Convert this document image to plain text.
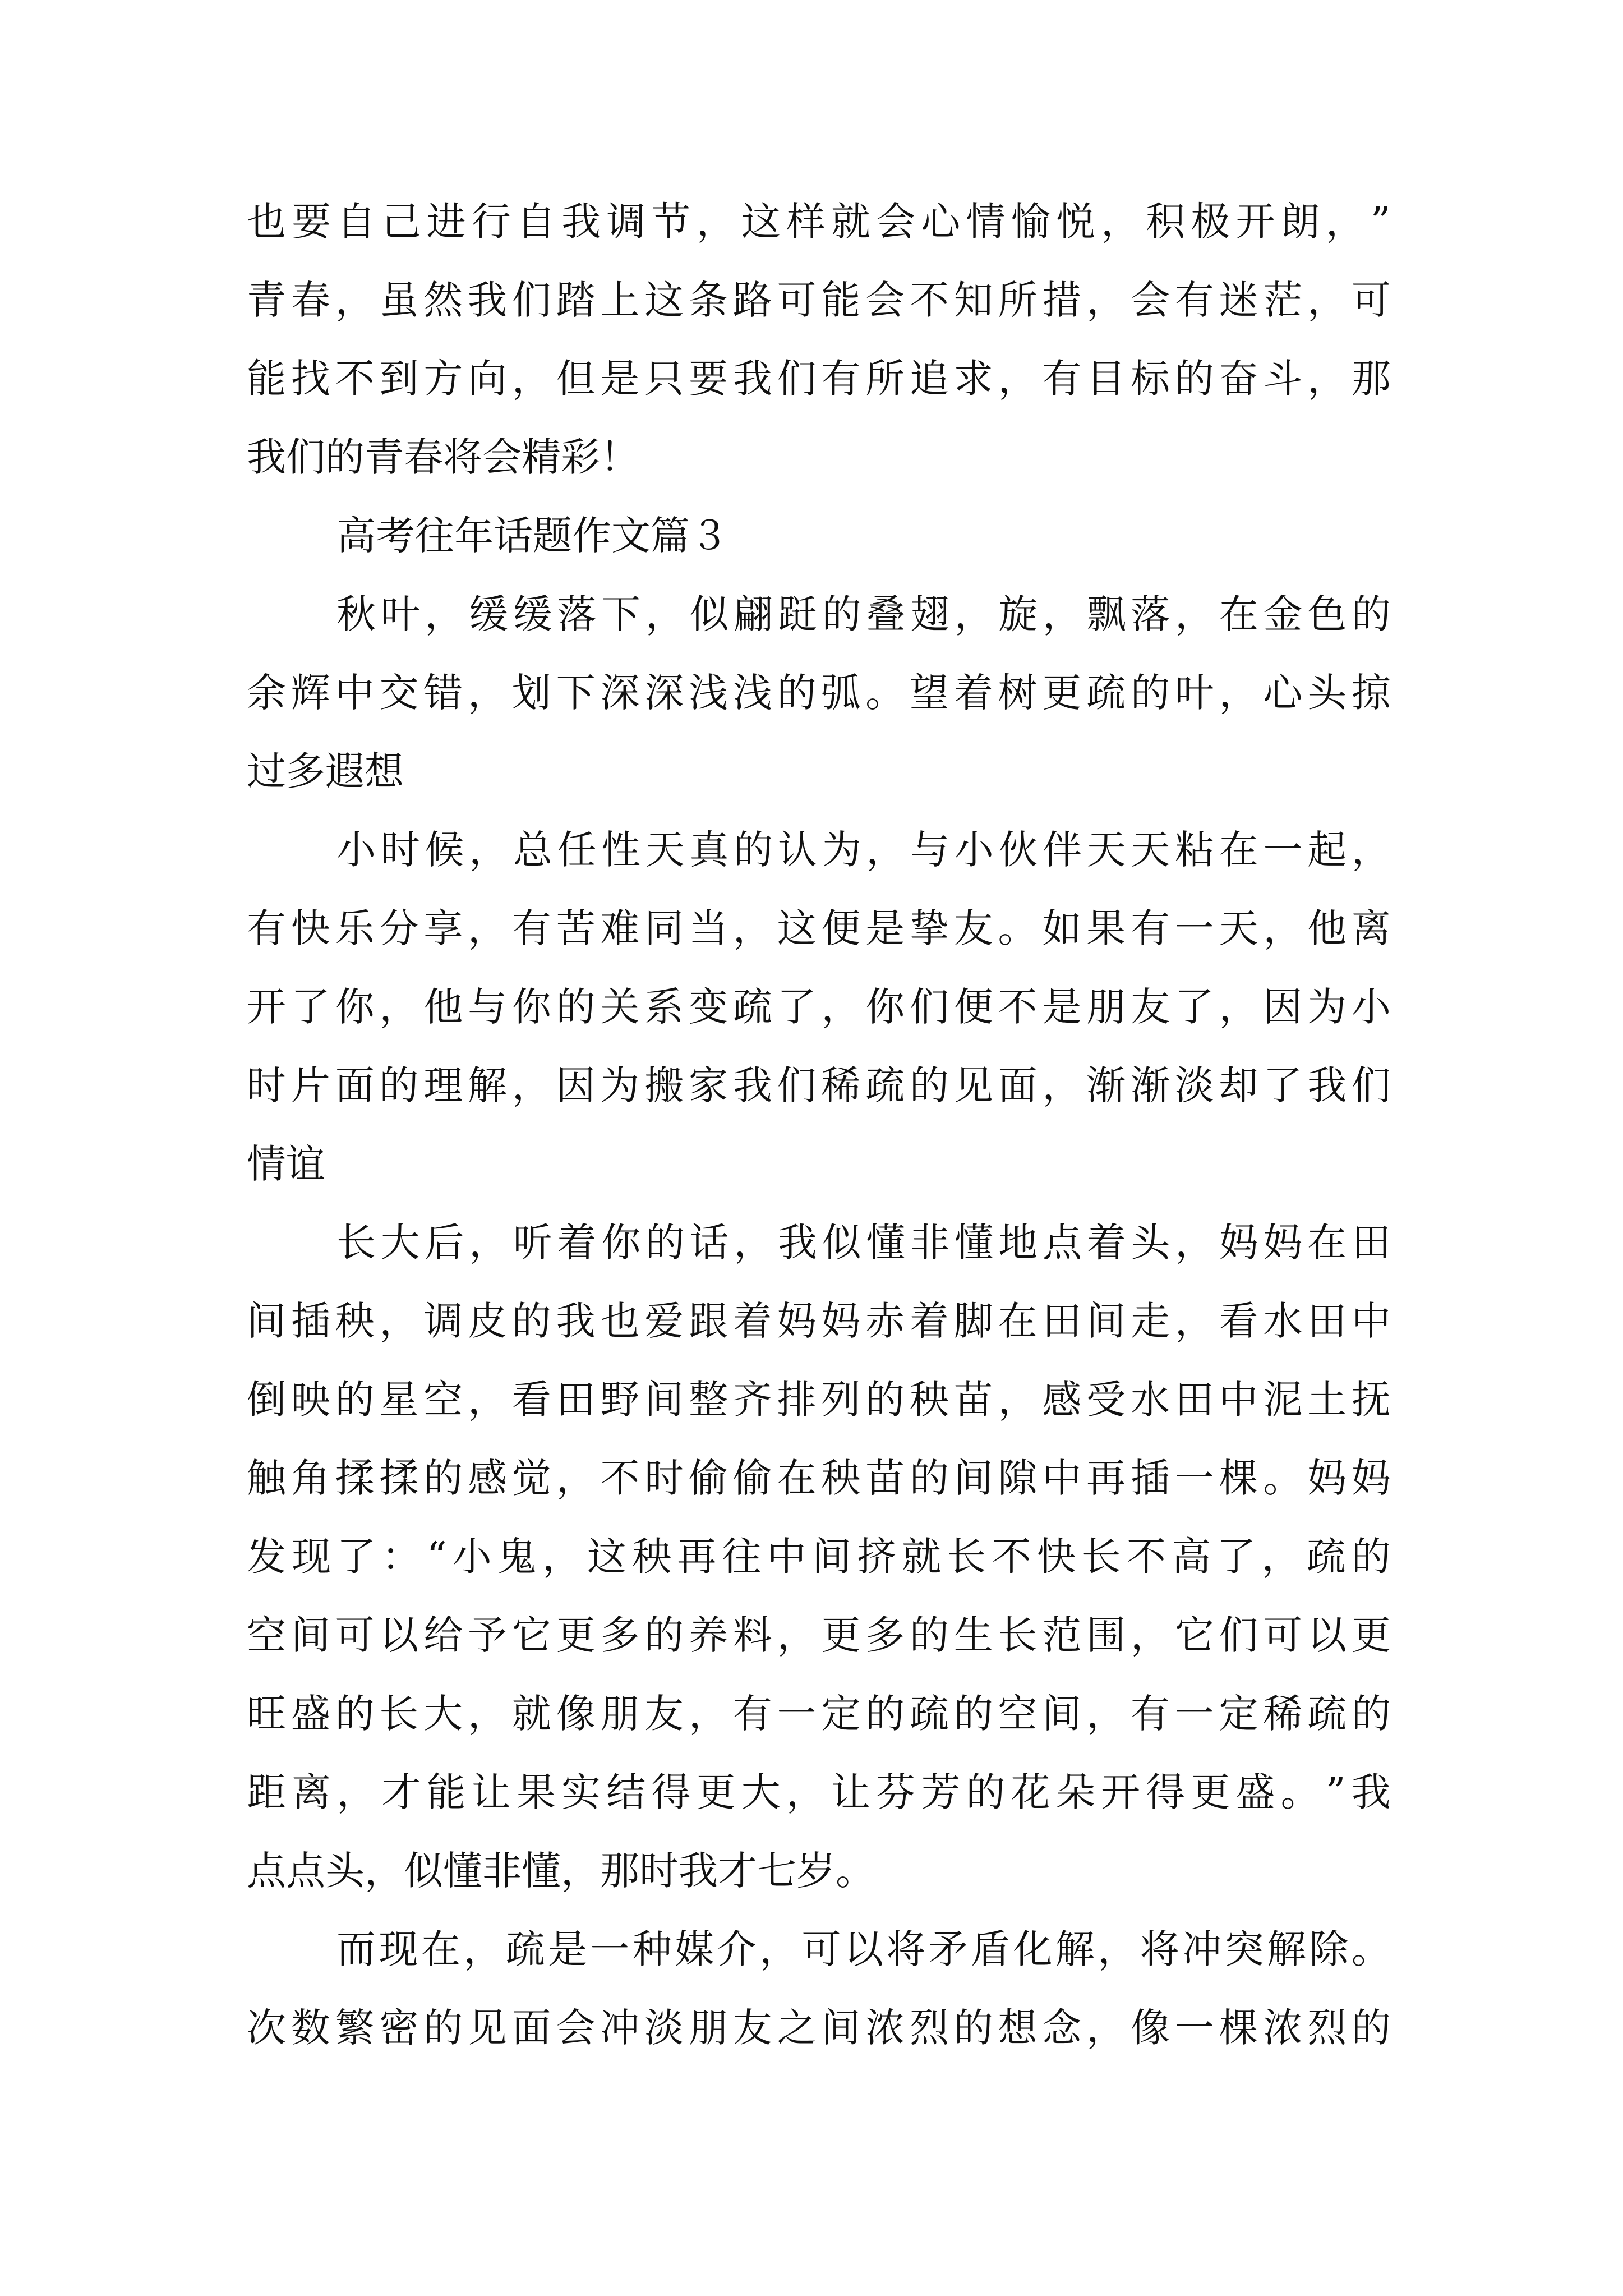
也 要 自 己 进 行 自 我 调 节 ， 这 样 就 会 心 情 愉 悦 ， 积 极 开 朗 ， ”
青 春 ， 虽 然 我 们 踏 上 这 条 路 可 能 会 不 知 所 措 ， 会 有 迷 茫 ， 可
能 找 不 到 方 向 ， 但 是 只 要 我 们 有 所 追 求 ， 有 目 标 的 奋 斗 ， 那
我们的青春将会精彩！
高考往年话题作文篇３
秋 叶 ， 缓 缓 落 下 ， 似 翩 跹 的 叠 翅 ， 旋 ， 飘 落 ， 在 金 色 的
余 辉 中 交 错 ， 划 下 深 深 浅 浅 的 弧 。 望 着 树 更 疏 的 叶 ， 心 头 掠
过多遐想
小 时 候 ， 总 任 性 天 真 的 认 为 ， 与 小 伙 伴 天 天 粘 在 一 起 ，
有 快 乐 分 享 ， 有 苦 难 同 当 ， 这 便 是 挚 友 。 如 果 有 一 天 ， 他 离
开 了 你 ， 他 与 你 的 关 系 变 疏 了 ， 你 们 便 不 是 朋 友 了 ， 因 为 小
时 片 面 的 理 解 ， 因 为 搬 家 我 们 稀 疏 的 见 面 ， 渐 渐 淡 却 了 我 们
情谊
长 大 后 ， 听 着 你 的 话 ， 我 似 懂 非 懂 地 点 着 头 ， 妈 妈 在 田
间 插 秧 ， 调 皮 的 我 也 爱 跟 着 妈 妈 赤 着 脚 在 田 间 走 ， 看 水 田 中
倒 映 的 星 空 ， 看 田 野 间 整 齐 排 列 的 秧 苗 ， 感 受 水 田 中 泥 土 抚
触 角 揉 揉 的 感 觉 ， 不 时 偷 偷 在 秧 苗 的 间 隙 中 再 插 一 棵 。 妈 妈
发 现 了 ： “ 小 鬼 ， 这 秧 再 往 中 间 挤 就 长 不 快 长 不 高 了 ， 疏 的
空 间 可 以 给 予 它 更 多 的 养 料 ， 更 多 的 生 长 范 围 ， 它 们 可 以 更
旺 盛 的 长 大 ， 就 像 朋 友 ， 有 一 定 的 疏 的 空 间 ， 有 一 定 稀 疏 的
距 离 ， 才 能 让 果 实 结 得 更 大 ， 让 芬 芳 的 花 朵 开 得 更 盛 。 ” 我
点点头，似懂非懂，那时我才七岁。
而 现 在 ， 疏 是 一 种 媒 介 ， 可 以 将 矛 盾 化 解 ， 将 冲 突 解 除 。
次 数 繁 密 的 见 面 会 冲 淡 朋 友 之 间 浓 烈 的 想 念 ， 像 一 棵 浓 烈 的
